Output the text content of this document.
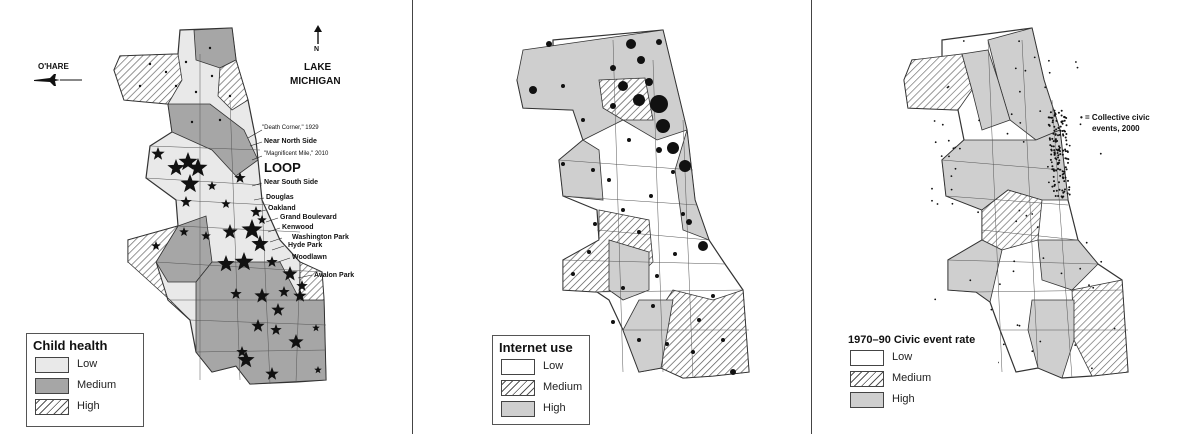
N
O'HARE	LAKE
MICHIGAN
"Death Corner," 1929
Near North Side
"Magnificent Mile," 2010
LOOP
Near South Side
Douglas
Oakland
Grand Boulevard
Kenwood
Washington Park
Hyde Park
Woodlawn
Avalon Park
Child health
Low
Medium
High
Internet use
Low
Medium
High
• = Collective civic
events, 2000
1970–90 Civic event rate
Low
Medium
High
